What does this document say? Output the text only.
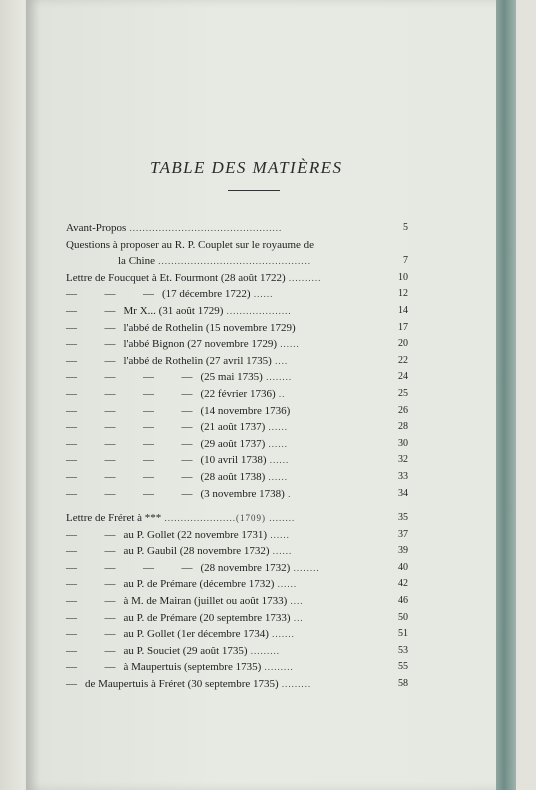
TABLE DES MATIÈRES
Avant-Propos ...............................................	5
Questions à proposer au R. P. Couplet sur le royaume de
la Chine ...............................................	7
Lettre de Foucquet à Et. Fourmont (28 août 1722) ..........	10
—          —          — (17 décembre 1722) ......	12
—          — Mr X... (31 août 1729) ....................	14
—          — l'abbé de Rothelin (15 novembre 1729)	17
—          — l'abbé Bignon (27 novembre 1729) ......	20
—          — l'abbé de Rothelin (27 avril 1735) ....	22
—          —          —          — (25 mai 1735) ........	24
—          —          —          — (22 février 1736) ..	25
—          —          —          — (14 novembre 1736)	26
—          —          —          — (21 août 1737) ......	28
—          —          —          — (29 août 1737) ......	30
—          —          —          — (10 avril 1738) ......	32
—          —          —          — (28 août 1738) ......	33
—          —          —          — (3 novembre 1738) .	34
Lettre de Fréret à *** ......................(1709) ........	35
—          — au P. Gollet (22 novembre 1731) ......	37
—          — au P. Gaubil (28 novembre 1732) ......	39
—          —          —          — (28 novembre 1732) ........	40
—          — au P. de Prémare (décembre 1732) ......	42
—          — à M. de Mairan (juillet ou août 1733) ....	46
—          — au P. de Prémare (20 septembre 1733) ...	50
—          — au P. Gollet (1er décembre 1734) .......	51
—          — au P. Souciet (29 août 1735) .........	53
—          — à Maupertuis (septembre 1735) .........	55
— de Maupertuis à Fréret (30 septembre 1735) .........	58
